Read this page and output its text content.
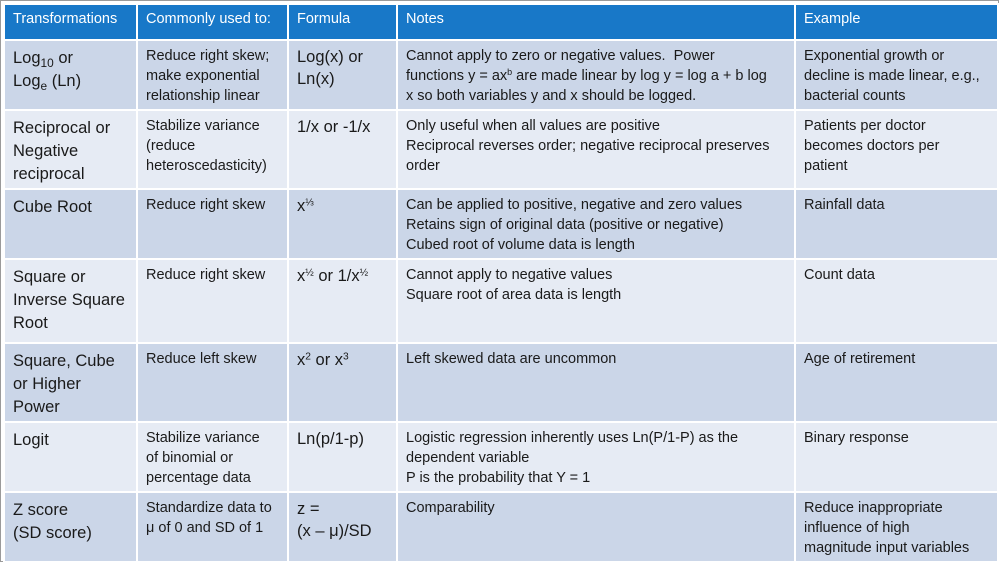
Transformations	Commonly used to:	Formula	Notes	Example

Log$_{10}$ or
Log$_e$ (Ln)	Reduce right skew;
make exponential
relationship linear	Log(x) or
Ln(x)	Cannot apply to zero or negative values.  Power
functions $y = ax^b$ are made linear by log y = log a + b log
x so both variables y and x should be logged.	Exponential growth or
decline is made linear, e.g.,
bacterial counts

Reciprocal or
Negative
reciprocal	Stabilize variance
(reduce
heteroscedasticity)	1/x or -1/x	Only useful when all values are positive
Reciprocal reverses order; negative reciprocal preserves
order	Patients per doctor
becomes doctors per
patient

Cube Root	Reduce right skew	$x^{\frac{1}{3}}$	Can be applied to positive, negative and zero values
Retains sign of original data (positive or negative)
Cubed root of volume data is length	Rainfall data

Square or
Inverse Square
Root	Reduce right skew	$x^{\frac{1}{2}}$ or $1/x^{\frac{1}{2}}$	Cannot apply to negative values
Square root of area data is length	Count data

Square, Cube
or Higher
Power	Reduce left skew	$x^2$ or $x^3$	Left skewed data are uncommon	Age of retirement

Logit	Stabilize variance
of binomial or
percentage data	Ln(p/1-p)	Logistic regression inherently uses Ln(P/1-P) as the
dependent variable
P is the probability that Y = 1	Binary response

Z score
(SD score)	Standardize data to
μ of 0 and SD of 1	z =
(x – μ)/SD	Comparability	Reduce inappropriate
influence of high
magnitude input variables
